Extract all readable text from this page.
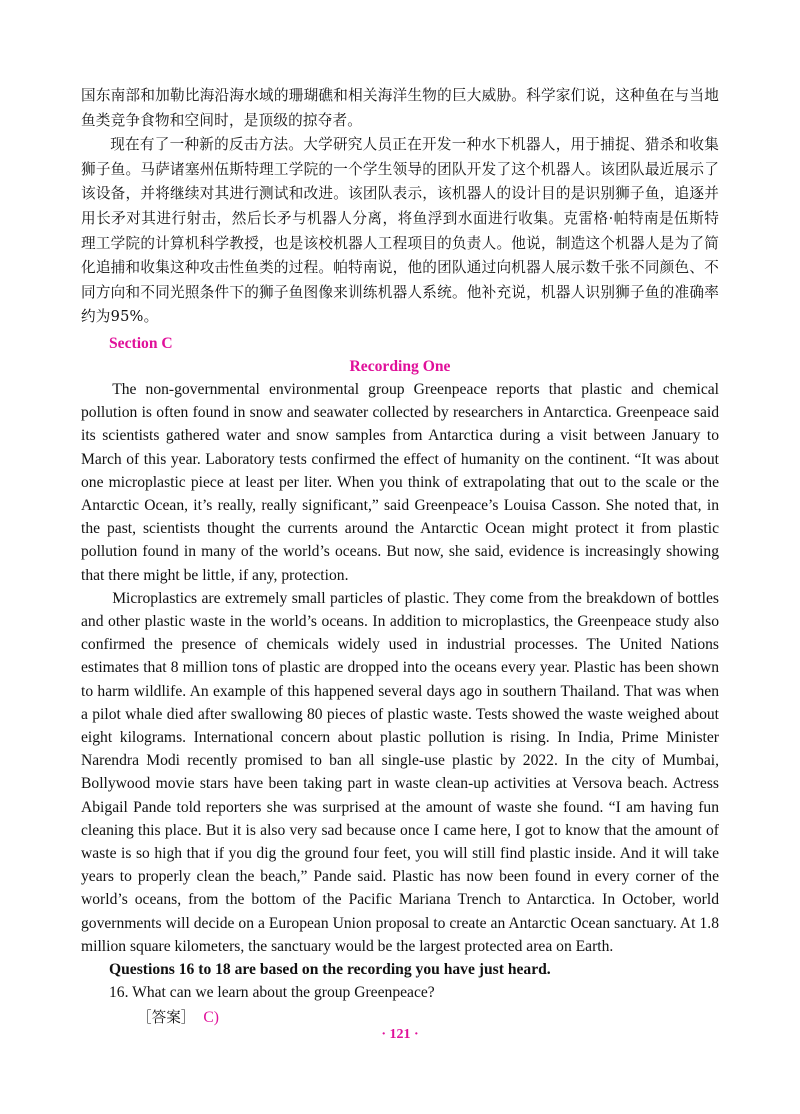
国东南部和加勒比海沿海水域的珊瑚礁和相关海洋生物的巨大威胁。科学家们说，这种鱼在与当地鱼类竞争食物和空间时，是顶级的掠夺者。

现在有了一种新的反击方法。大学研究人员正在开发一种水下机器人，用于捕捉、猎杀和收集狮子鱼。马萨诸塞州伍斯特理工学院的一个学生领导的团队开发了这个机器人。该团队最近展示了该设备，并将继续对其进行测试和改进。该团队表示，该机器人的设计目的是识别狮子鱼，追逐并用长矛对其进行射击，然后长矛与机器人分离，将鱼浮到水面进行收集。克雷格·帕特南是伍斯特理工学院的计算机科学教授，也是该校机器人工程项目的负责人。他说，制造这个机器人是为了简化追捕和收集这种攻击性鱼类的过程。帕特南说，他的团队通过向机器人展示数千张不同颜色、不同方向和不同光照条件下的狮子鱼图像来训练机器人系统。他补充说，机器人识别狮子鱼的准确率约为95%。

Section C

Recording One

The non-governmental environmental group Greenpeace reports that plastic and chemical pollution is often found in snow and seawater collected by researchers in Antarctica. Greenpeace said its scientists gathered water and snow samples from Antarctica during a visit between January to March of this year. Laboratory tests confirmed the effect of humanity on the continent. “It was about one microplastic piece at least per liter. When you think of extrapolating that out to the scale or the Antarctic Ocean, it’s really, really significant,” said Greenpeace’s Louisa Casson. She noted that, in the past, scientists thought the currents around the Antarctic Ocean might protect it from plastic pollution found in many of the world’s oceans. But now, she said, evidence is increasingly showing that there might be little, if any, protection.

Microplastics are extremely small particles of plastic. They come from the breakdown of bottles and other plastic waste in the world’s oceans. In addition to microplastics, the Greenpeace study also confirmed the presence of chemicals widely used in industrial processes. The United Nations estimates that 8 million tons of plastic are dropped into the oceans every year. Plastic has been shown to harm wildlife. An example of this happened several days ago in southern Thailand. That was when a pilot whale died after swallowing 80 pieces of plastic waste. Tests showed the waste weighed about eight kilograms. International concern about plastic pollution is rising. In India, Prime Minister Narendra Modi recently promised to ban all single-use plastic by 2022. In the city of Mumbai, Bollywood movie stars have been taking part in waste clean-up activities at Versova beach. Actress Abigail Pande told reporters she was surprised at the amount of waste she found. “I am having fun cleaning this place. But it is also very sad because once I came here, I got to know that the amount of waste is so high that if you dig the ground four feet, you will still find plastic inside. And it will take years to properly clean the beach,” Pande said. Plastic has now been found in every corner of the world’s oceans, from the bottom of the Pacific Mariana Trench to Antarctica. In October, world governments will decide on a European Union proposal to create an Antarctic Ocean sanctuary. At 1.8 million square kilometers, the sanctuary would be the largest protected area on Earth.

Questions 16 to 18 are based on the recording you have just heard.

16. What can we learn about the group Greenpeace?

［答案］ C)

· 121 ·
